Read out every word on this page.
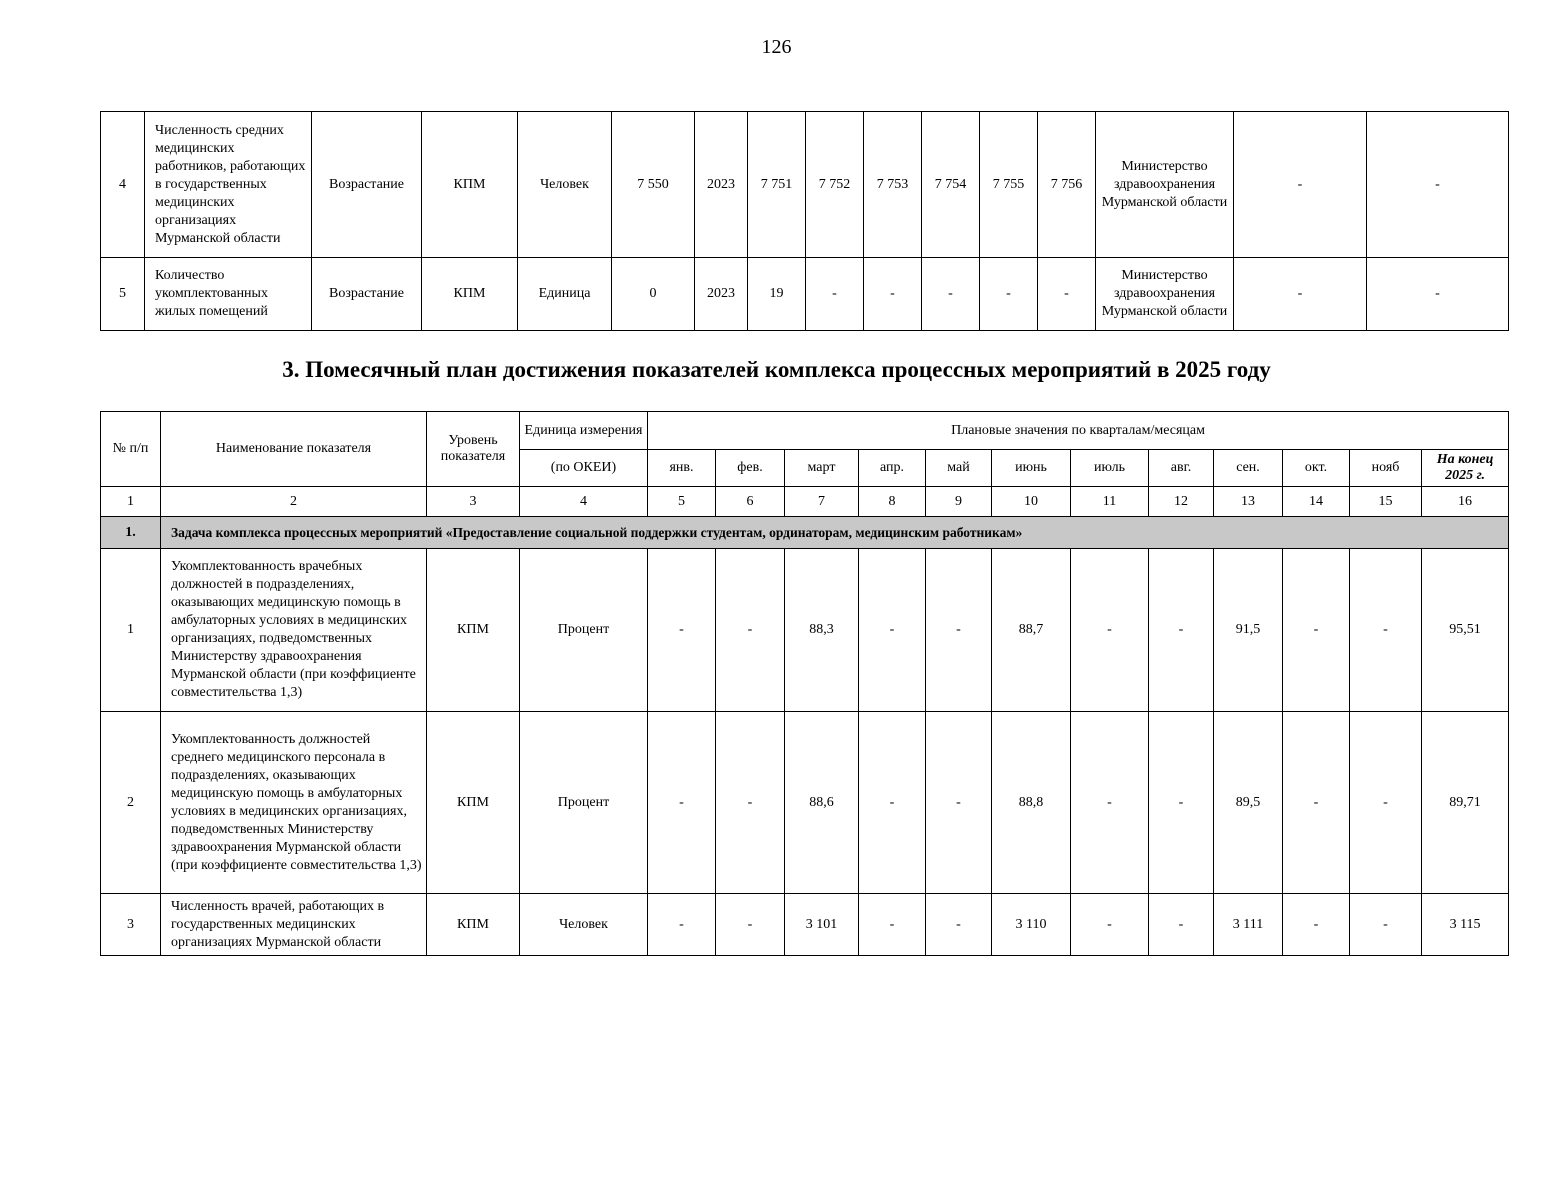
126
4	Численность средних медицинских работников, работающих в государственных медицинских организациях Мурманской области	Возрастание	КПМ	Человек	7 550	2023	7 751	7 752	7 753	7 754	7 755	7 756	Министерство здравоохранения Мурманской области	-	-
5	Количество укомплектованных жилых помещений	Возрастание	КПМ	Единица	0	2023	19	-	-	-	-	-	Министерство здравоохранения Мурманской области	-	-
3. Помесячный план достижения показателей комплекса процессных мероприятий в 2025 году
№ п/п	Наименование показателя	Уровень показателя	Единица измерения	Плановые значения по кварталам/месяцам											
			(по ОКЕИ)	янв.	фев.	март	апр.	май	июнь	июль	авг.	сен.	окт.	нояб	На конец 2025 г.
1	2	3	4	5	6	7	8	9	10	11	12	13	14	15	16
1.	Задача комплекса процессных мероприятий «Предоставление социальной поддержки студентам, ординаторам, медицинским работникам»														
1	Укомплектованность врачебных должностей в подразделениях, оказывающих медицинскую помощь в амбулаторных условиях в медицинских организациях, подведомственных Министерству здравоохранения Мурманской области (при коэффициенте совместительства 1,3)	КПМ	Процент	-	-	88,3	-	-	88,7	-	-	91,5	-	-	95,51
2	Укомплектованность должностей среднего медицинского персонала в подразделениях, оказывающих медицинскую помощь в амбулаторных условиях в медицинских организациях, подведомственных Министерству здравоохранения Мурманской области (при коэффициенте совместительства 1,3)	КПМ	Процент	-	-	88,6	-	-	88,8	-	-	89,5	-	-	89,71
3	Численность врачей, работающих в государственных медицинских организациях Мурманской области	КПМ	Человек	-	-	3 101	-	-	3 110	-	-	3 111	-	-	3 115
